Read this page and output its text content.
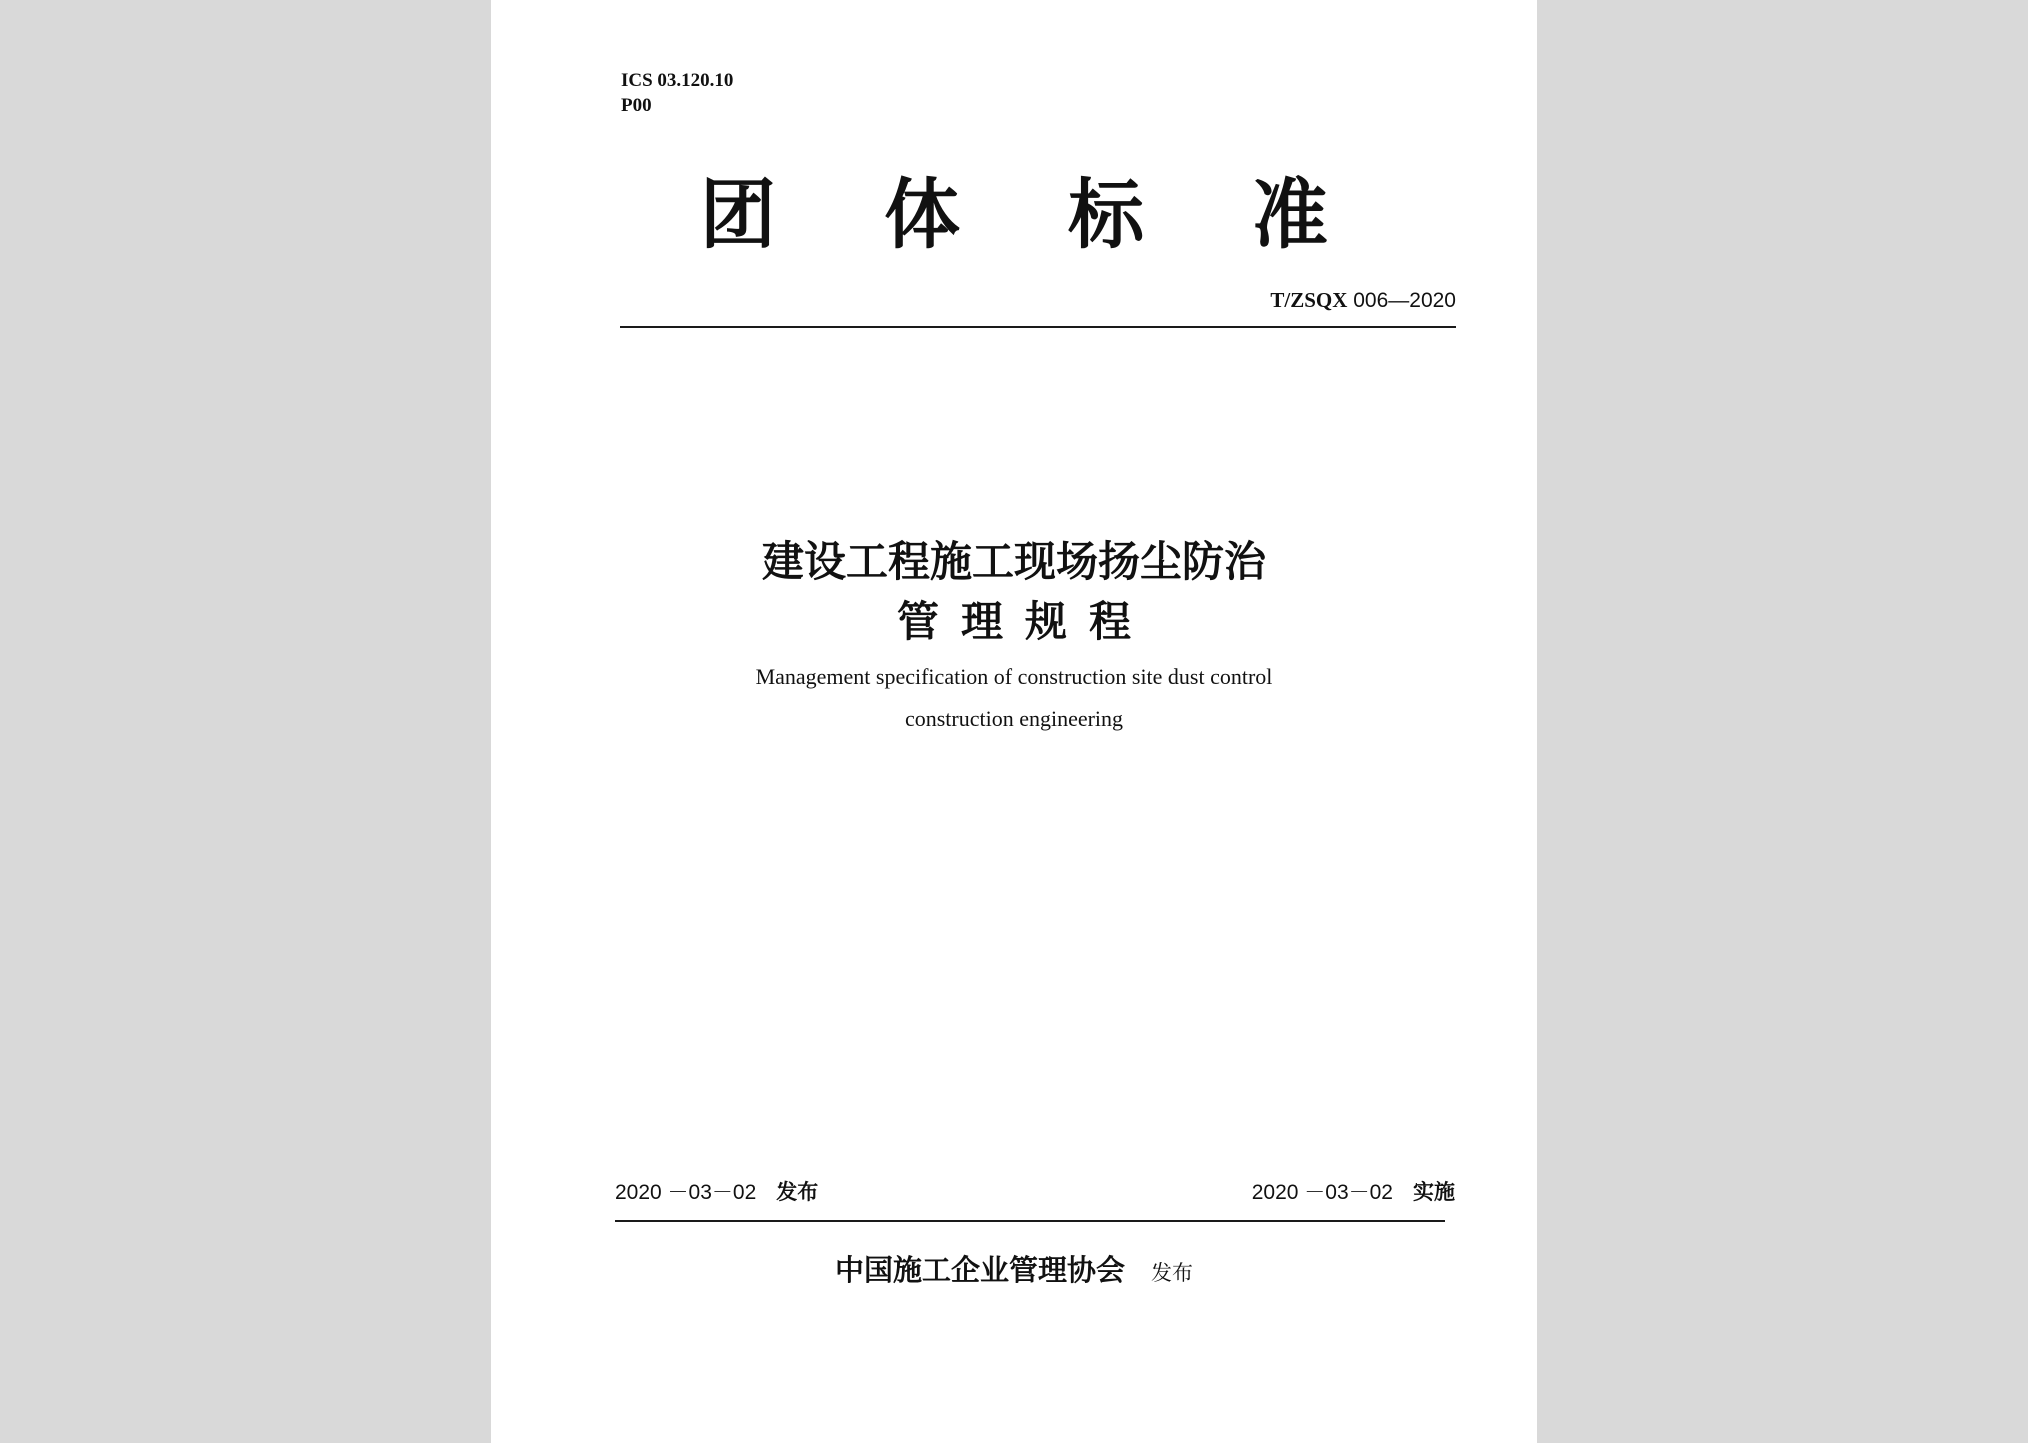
ICS 03.120.10
P00
团体标准
T/ZSQX 006—2020
建设工程施工现场扬尘防治
管理规程
Management specification of construction site dust control
construction engineering
2020 －03－02 发布	2020 －03－02 实施
中国施工企业管理协会 发布
